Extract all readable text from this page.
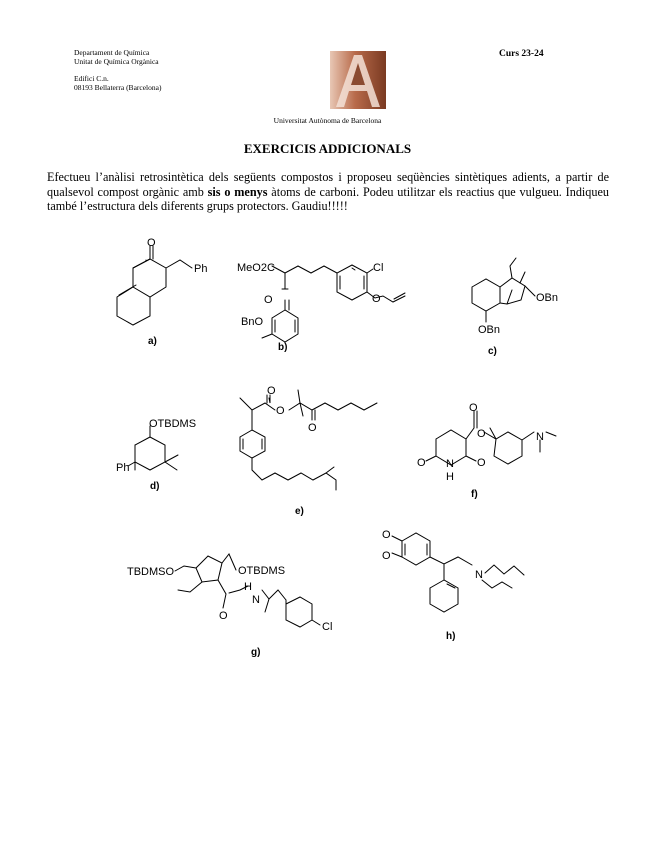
Departament de Química
Unitat de Química Orgànica
Edifici C.n.
08193 Bellaterra (Barcelona)
Curs 23-24
Universitat Autònoma de Barcelona
EXERCICIS ADDICIONALS
Efectueu l’anàlisi retrosintètica dels següents compostos i proposeu seqüències sintètiques adients, a partir de qualsevol compost orgànic amb sis o menys àtoms de carboni. Podeu utilitzar els reactius que vulgueu. Indiqueu també l’estructura dels diferents grups protectors. Gaudiu!!!!!
O
Ph
a)
MeO2C	Cl
O
BnO
O
b)
OBn
OBn
c)
OTBDMS
Ph
d)
O
O
O
e)
O
O
N
O	O
N
H
f)
TBDMSO	OTBDMS
H
N
O
Cl
g)
O
O
N
h)
